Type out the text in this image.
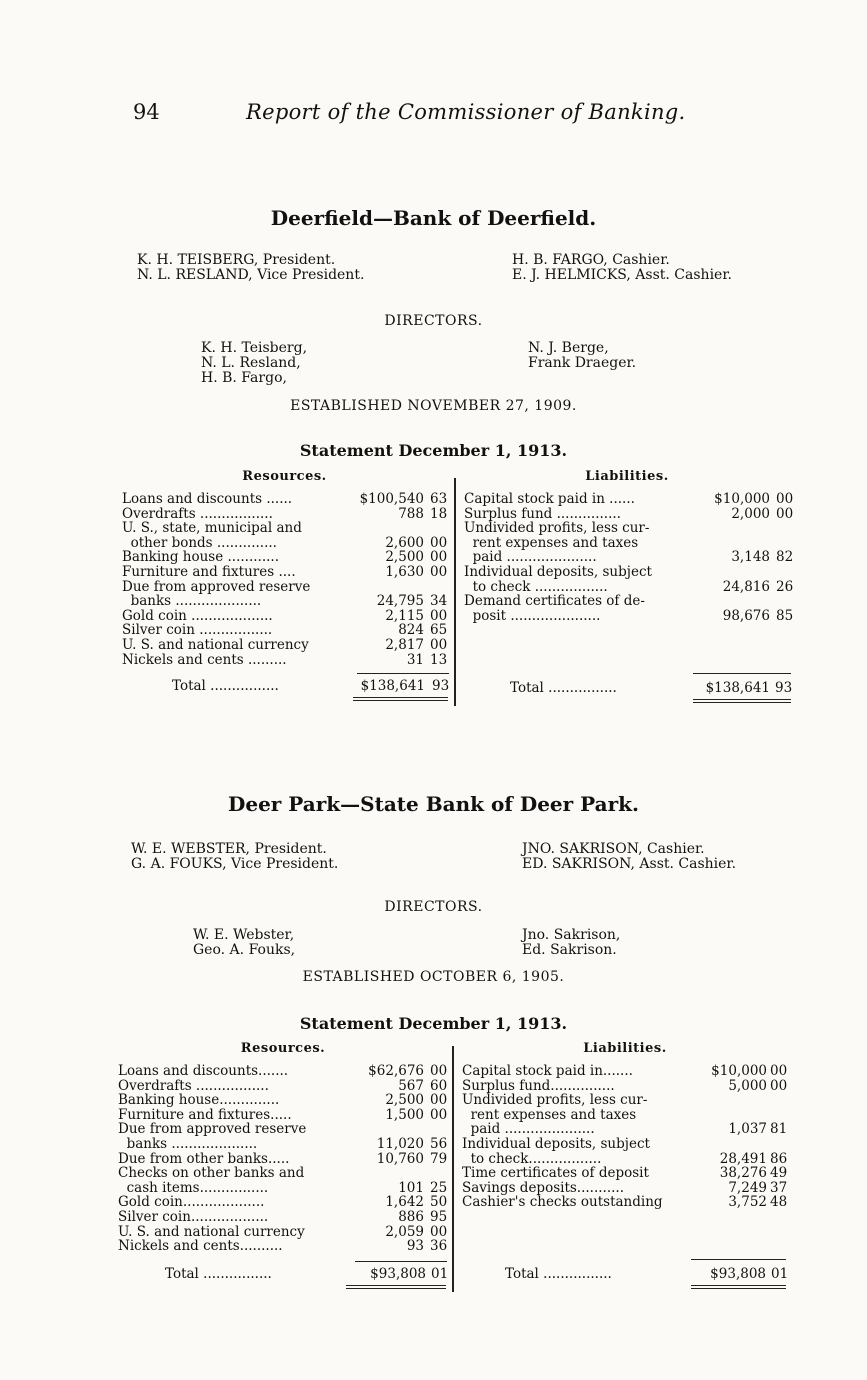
94	Report of the Commissioner of Banking.
Deerfield—Bank of Deerfield.
K. H. TEISBERG, President.
N. L. RESLAND, Vice President.
H. B. FARGO, Cashier.
E. J. HELMICKS, Asst. Cashier.
DIRECTORS.
K. H. Teisberg,
N. L. Resland,
H. B. Fargo,
N. J. Berge,
Frank Draeger.
ESTABLISHED NOVEMBER 27, 1909.
Statement December 1, 1913.
Resources.	Liabilities.
Loans and discounts ......	$100,540 63
Overdrafts .................	788 18
U. S., state, municipal and
other bonds ..............	2,600 00
Banking house ............	2,500 00
Furniture and fixtures ....	1,630 00
Due from approved reserve
banks ....................	24,795 34
Gold coin ...................	2,115 00
Silver coin .................	824 65
U. S. and national currency	2,817 00
Nickels and cents .........	31 13
Capital stock paid in ......	$10,000 00
Surplus fund ...............	2,000 00
Undivided profits, less cur-
rent expenses and taxes
paid .....................	3,148 82
Individual deposits, subject
to check .................	24,816 26
Demand certificates of de-
posit .....................	98,676 85
Total ................	$138,641 93	Total ................	$138,641 93
Deer Park—State Bank of Deer Park.
W. E. WEBSTER, President.
G. A. FOUKS, Vice President.
JNO. SAKRISON, Cashier.
ED. SAKRISON, Asst. Cashier.
DIRECTORS.
W. E. Webster,
Geo. A. Fouks,
Jno. Sakrison,
Ed. Sakrison.
ESTABLISHED OCTOBER 6, 1905.
Statement December 1, 1913.
Resources.	Liabilities.
Loans and discounts.......	$62,676 00
Overdrafts .................	567 60
Banking house..............	2,500 00
Furniture and fixtures.....	1,500 00
Due from approved reserve
banks ....................	11,020 56
Due from other banks.....	10,760 79
Checks on other banks and
cash items................	101 25
Gold coin...................	1,642 50
Silver coin..................	886 95
U. S. and national currency	2,059 00
Nickels and cents..........	93 36
Capital stock paid in.......	$10,000 00
Surplus fund...............	5,000 00
Undivided profits, less cur-
rent expenses and taxes
paid .....................	1,037 81
Individual deposits, subject
to check.................	28,491 86
Time certificates of deposit	38,276 49
Savings deposits...........	7,249 37
Cashier's checks outstanding	3,752 48
Total ................	$93,808 01	Total ................	$93,808 01
